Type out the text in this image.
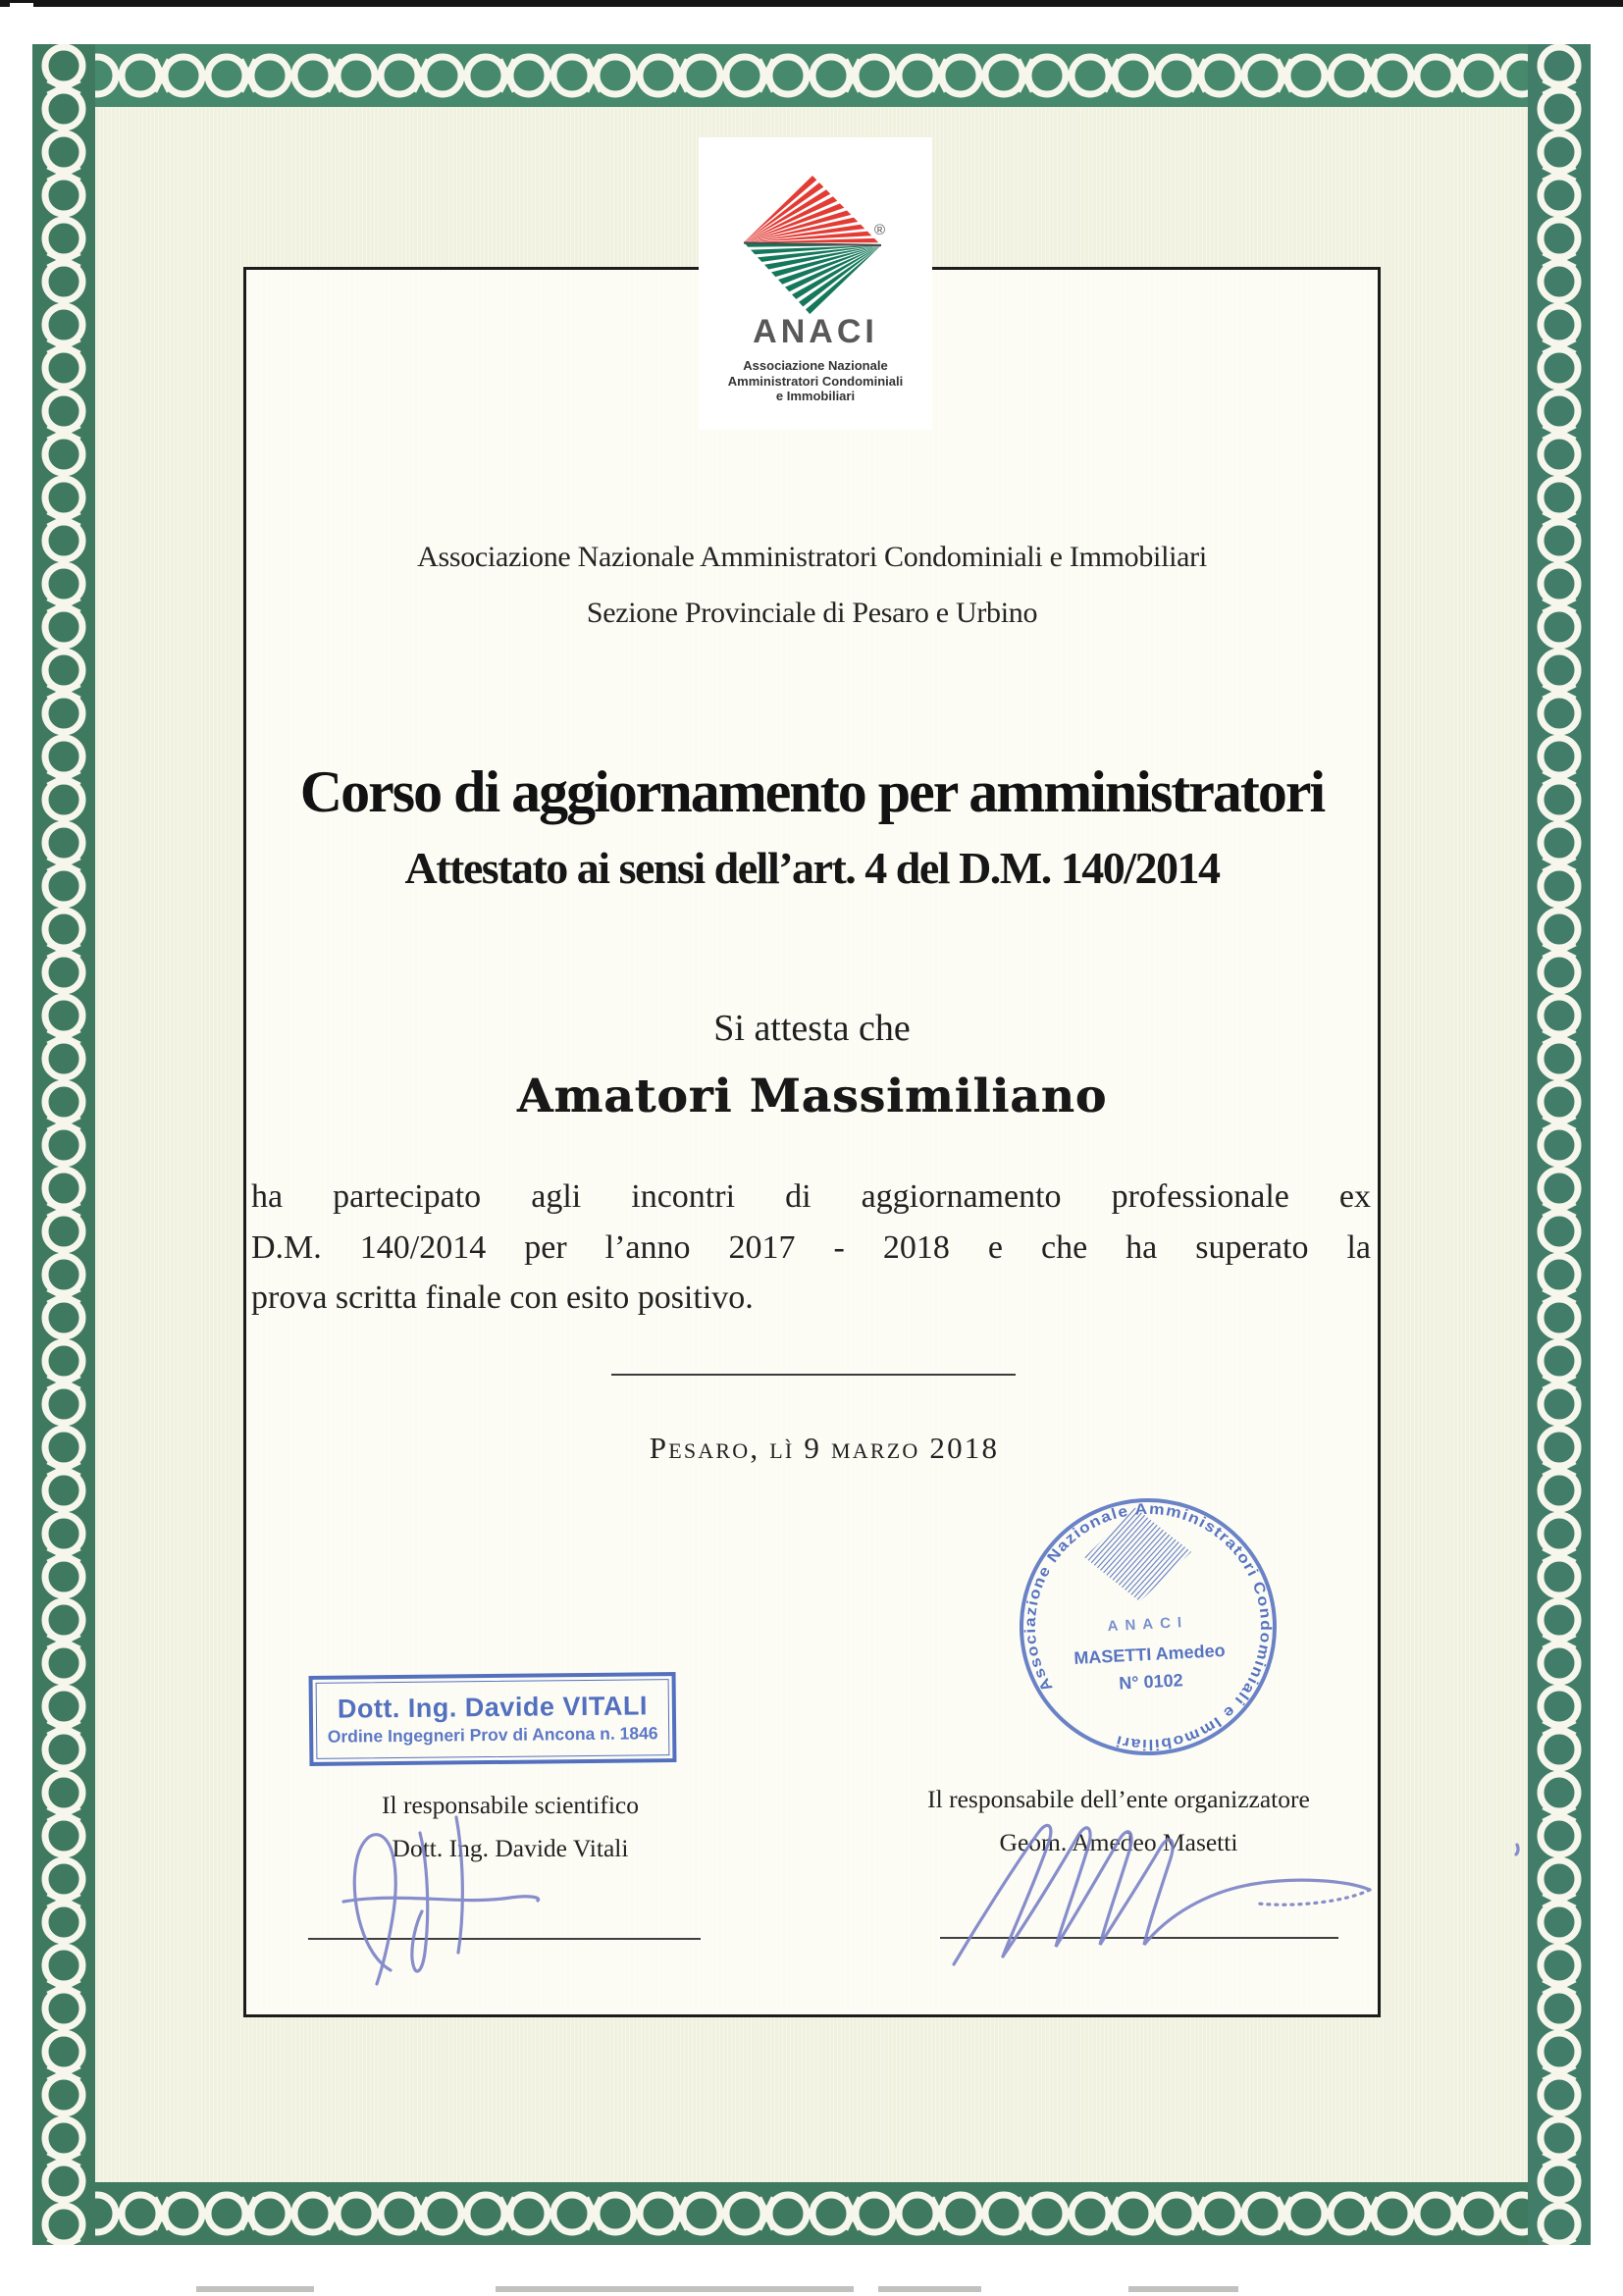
®
ANACI
Associazione Nazionale
Amministratori Condominiali
e Immobiliari
Associazione Nazionale Amministratori Condominiali e Immobiliari
Sezione Provinciale di Pesaro e Urbino
Corso di aggiornamento per amministratori
Attestato ai sensi dell’art. 4 del D.M. 140/2014
Si attesta che
Amatori Massimiliano
ha partecipato agli incontri di aggiornamento professionale ex
D.M. 140/2014 per l’anno 2017 - 2018 e che ha superato la
prova scritta finale con esito positivo.
Pesaro, lì 9 marzo 2018
Associazione Nazionale Amministratori Condominiali e Immobiliari
ANACI
MASETTI Amedeo
N° 0102
Dott. Ing. Davide VITALI
Ordine Ingegneri Prov di Ancona n. 1846
Il responsabile scientifico
Dott. Ing. Davide Vitali
Il responsabile dell’ente organizzatore
Geom. Amedeo Masetti
